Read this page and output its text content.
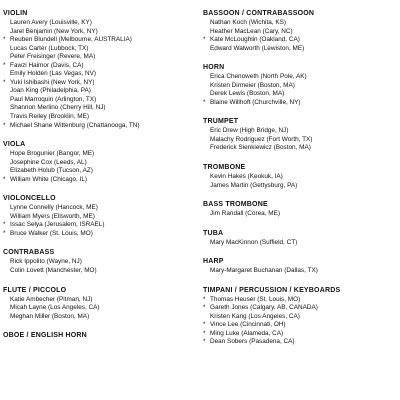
VIOLIN
Lauren Avery (Louisville, KY)
Jarel Benjamin (New York, NY)
* Reuben Blundell (Melbourne, AUSTRALIA)
Lucas Carter (Lubbock, TX)
Peter Freisinger (Revere, MA)
* Fawzi Haimor (Davis, CA)
Emily Holden (Las Vegas, NV)
* Yuki Ishibashi (New York, NY)
Joan King (Philadelphia, PA)
Paul Marroquin (Arlington, TX)
Shannon Merlino (Cherry Hill, NJ)
Travis Reiley (Brooklin, ME)
* Michael Shane Wittenburg (Chattanooga, TN)
VIOLA
Hope Brogunier (Bangor, ME)
Josephine Cox (Leeds, AL)
Elizabeth Holub (Tucson, AZ)
* William White (Chicago, IL)
VIOLONCELLO
Lynne Connelly (Hancock, ME)
William Myers (Ellsworth, ME)
* Issac Selya (Jerusalem, ISRAEL)
* Bruce Walker (St. Louis, MO)
CONTRABASS
Rick Ippolito (Wayne, NJ)
Colin Lovett (Manchester, MO)
FLUTE / PICCOLO
Katie Ambecher (Pitman, NJ)
Micah Layne (Los Angeles, CA)
Meghan Miller (Boston, MA)
OBOE / ENGLISH HORN
BASSOON / CONTRABASSOON
Nathan Koch (Wichita, KS)
Heather MacLean (Cary, NC)
* Kate McLoughlin (Oakland, CA)
Edward Walworth (Lewiston, ME)
HORN
Erica Chenoweth (North Pole, AK)
Kristen Dirmeier (Boston, MA)
Derek Lewis (Boston, MA)
* Blaine Willhoft (Churchville, NY)
TRUMPET
Eric Drew (High Bridge, NJ)
Malachy Rodriguez (Fort Worth, TX)
Frederick Sienkiewicz (Boston, MA)
TROMBONE
Kevin Hakes (Keokuk, IA)
James Martin (Gettysburg, PA)
BASS TROMBONE
Jim Randall (Corea, ME)
TUBA
Mary MacKinnon (Suffield, CT)
HARP
Mary-Margaret Buchanan (Dallas, TX)
TIMPANI / PERCUSSION / KEYBOARDS
* Thomas Heuser (St. Louis, MO)
* Gareth Jones (Calgary, AB, CANADA)
Kristen Kang (Los Angeles, CA)
* Vince Lee (Cincinnati, OH)
* Ming Luke (Alameda, CA)
* Dean Sobers (Pasadena, CA)
